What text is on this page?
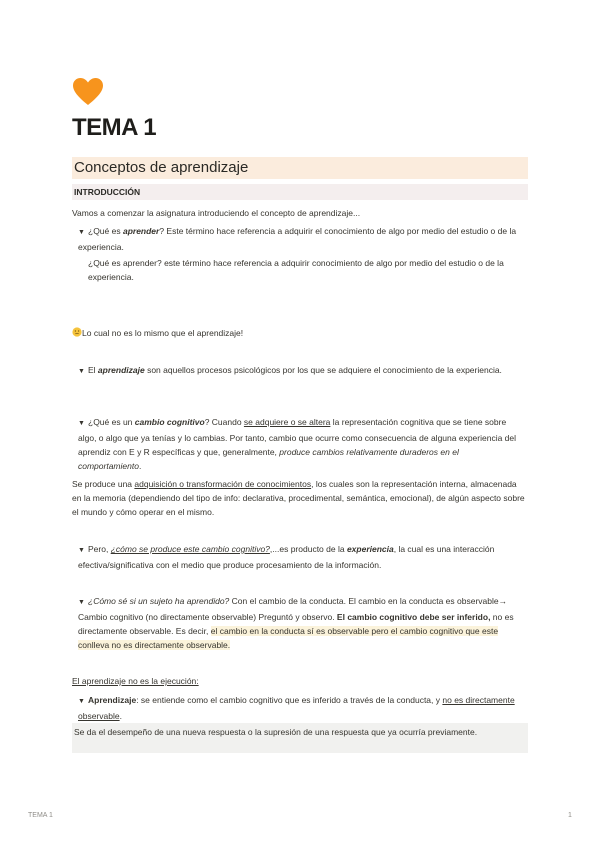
TEMA 1
Conceptos de aprendizaje
INTRODUCCIÓN

Vamos a comenzar la asignatura introduciendo el concepto de aprendizaje...

▼ ¿Qué es aprender? Este término hace referencia a adquirir el conocimiento de algo por medio del estudio o de la experiencia.

¿Qué es aprender? este término hace referencia a adquirir conocimiento de algo por medio del estudio o de la experiencia.

Lo cual no es lo mismo que el aprendizaje!

▼ El aprendizaje son aquellos procesos psicológicos por los que se adquiere el conocimiento de la experiencia.

▼ ¿Qué es un cambio cognitivo? Cuando se adquiere o se altera la representación cognitiva que se tiene sobre algo, o algo que ya tenías y lo cambias. Por tanto, cambio que ocurre como consecuencia de alguna experiencia del aprendiz con E y R específicas y que, generalmente, produce cambios relativamente duraderos en el comportamiento.

Se produce una adquisición o transformación de conocimientos, los cuales son la representación interna, almacenada en la memoria (dependiendo del tipo de info: declarativa, procedimental, semántica, emocional), de algún aspecto sobre el mundo y cómo operar en el mismo.

▼ Pero, ¿cómo se produce este cambio cognitivo?,...es producto de la experiencia, la cual es una interacción efectiva/significativa con el medio que produce procesamiento de la información.

▼ ¿Cómo sé si un sujeto ha aprendido? Con el cambio de la conducta. El cambio en la conducta es observable→ Cambio cognitivo (no directamente observable) Preguntó y observo. El cambio cognitivo debe ser inferido, no es directamente observable. Es decir, el cambio en la conducta sí es observable pero el cambio cognitivo que este conlleva no es directamente observable.

El aprendizaje no es la ejecución:

▼ Aprendizaje: se entiende como el cambio cognitivo que es inferido a través de la conducta, y no es directamente observable.

Se da el desempeño de una nueva respuesta o la supresión de una respuesta que ya ocurría previamente.

TEMA 1	1
